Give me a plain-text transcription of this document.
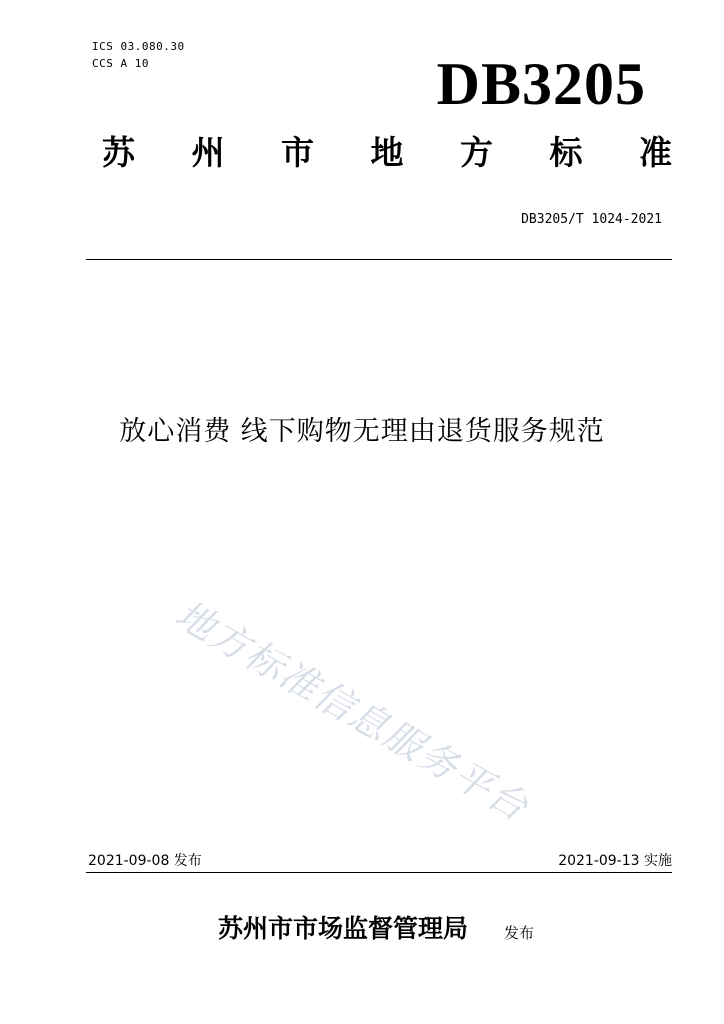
ICS 03.080.30
CCS A 10	DB3205
苏 州 市 地 方 标 准
DB3205/T 1024-2021
放心消费 线下购物无理由退货服务规范
地方标准信息服务平台
2021-09-08 发布	2021-09-13 实施
苏州市市场监督管理局 发布
